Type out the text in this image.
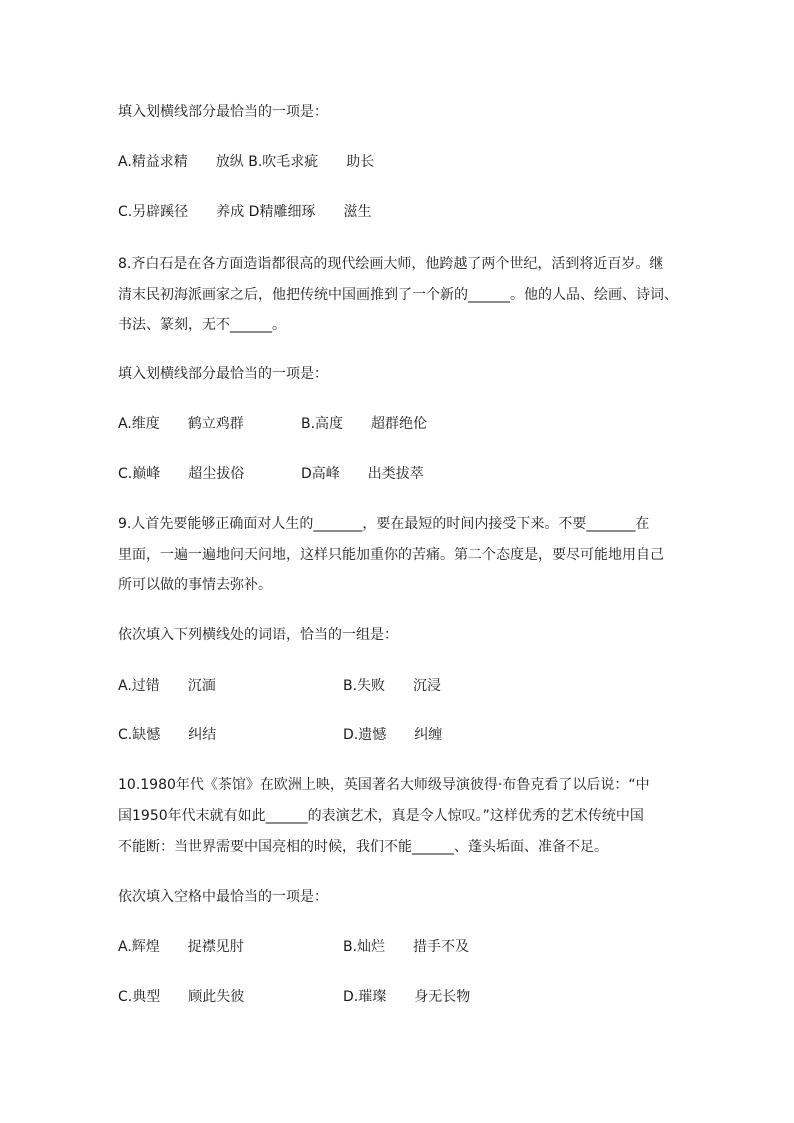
填入划横线部分最恰当的一项是：
A.精益求精　　放纵 B.吹毛求疵　　助长
C.另辟蹊径　　养成 D精雕细琢　　滋生
8.齐白石是在各方面造诣都很高的现代绘画大师，他跨越了两个世纪，活到将近百岁。继
清末民初海派画家之后，他把传统中国画推到了一个新的______。他的人品、绘画、诗词、
书法、篆刻，无不______。
填入划横线部分最恰当的一项是：
A.维度　　鹤立鸡群	B.高度　　超群绝伦
C.巅峰　　超尘拔俗	D高峰　　出类拔萃
9.人首先要能够正确面对人生的_______，要在最短的时间内接受下来。不要_______在
里面，一遍一遍地问天问地，这样只能加重你的苦痛。第二个态度是，要尽可能地用自己
所可以做的事情去弥补。
依次填入下列横线处的词语，恰当的一组是：
A.过错　　沉湎	B.失败　　沉浸
C.缺憾　　纠结	D.遗憾　　纠缠
10.1980年代《茶馆》在欧洲上映，英国著名大师级导演彼得·布鲁克看了以后说：“中
国1950年代末就有如此______的表演艺术，真是令人惊叹。”这样优秀的艺术传统中国
不能断：当世界需要中国亮相的时候，我们不能______、蓬头垢面、准备不足。
依次填入空格中最恰当的一项是：
A.辉煌　　捉襟见肘	B.灿烂　　措手不及
C.典型　　顾此失彼	D.璀璨　　身无长物
